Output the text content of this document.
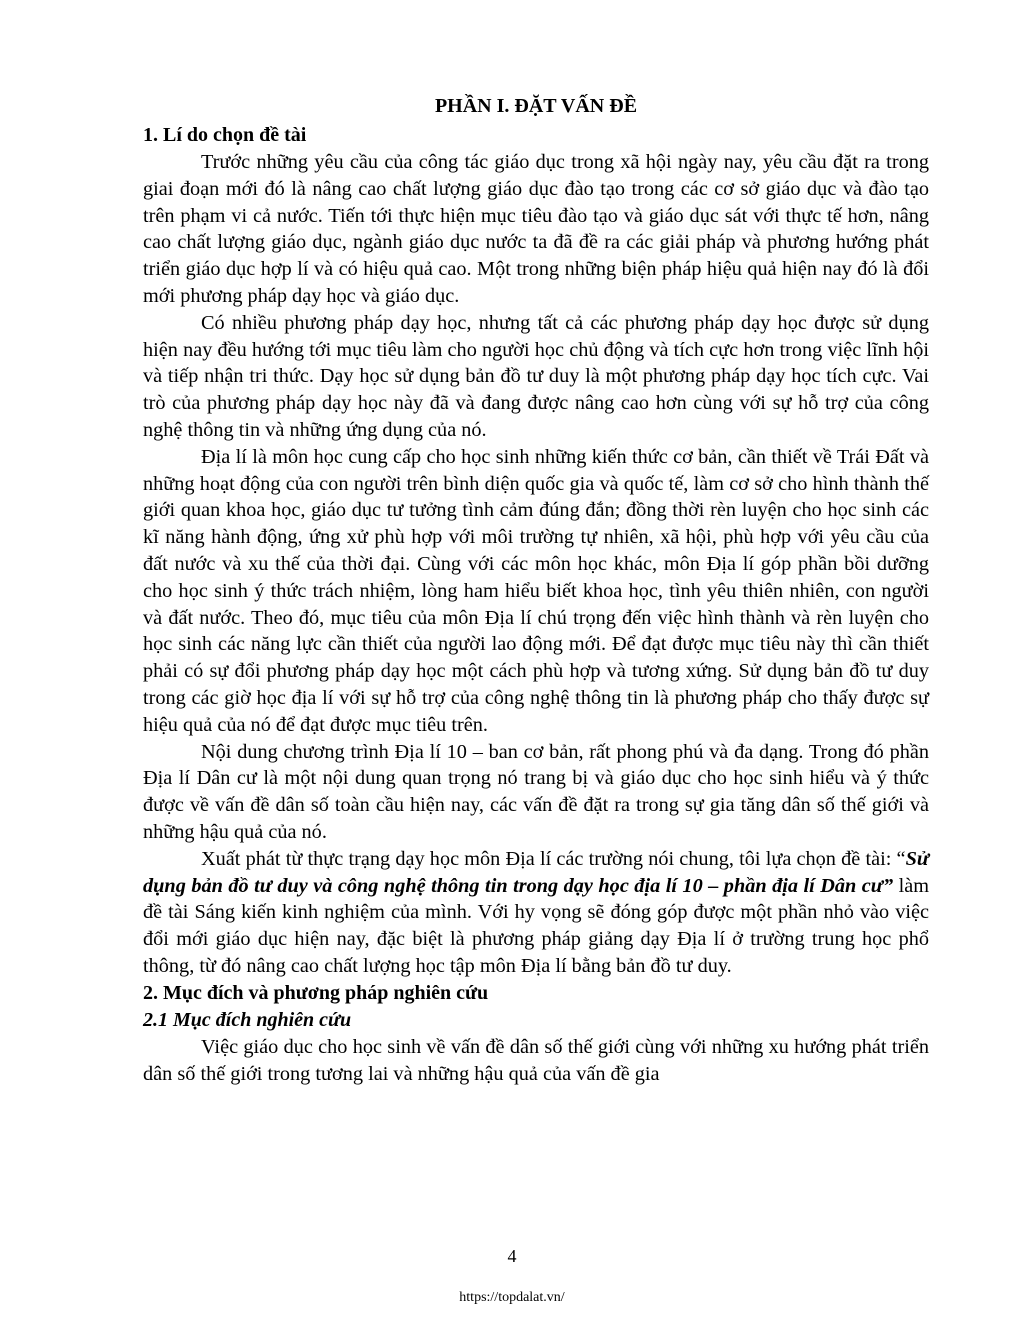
PHẦN I. ĐẶT VẤN ĐỀ
1. Lí do chọn đề tài

Trước những yêu cầu của công tác giáo dục trong xã hội ngày nay, yêu cầu đặt ra trong giai đoạn mới đó là nâng cao chất lượng giáo dục đào tạo trong các cơ sở giáo dục và đào tạo trên phạm vi cả nước. Tiến tới thực hiện mục tiêu đào tạo và giáo dục sát với thực tế hơn, nâng cao chất lượng giáo dục, ngành giáo dục nước ta đã đề ra các giải pháp và phương hướng phát triển giáo dục hợp lí và có hiệu quả cao. Một trong những biện pháp hiệu quả hiện nay đó là đổi mới phương pháp dạy học và giáo dục.

Có nhiều phương pháp dạy học, nhưng tất cả các phương pháp dạy học được sử dụng hiện nay đều hướng tới mục tiêu làm cho người học chủ động và tích cực hơn trong việc lĩnh hội và tiếp nhận tri thức. Dạy học sử dụng bản đồ tư duy là một phương pháp dạy học tích cực. Vai trò của phương pháp dạy học này đã và đang được nâng cao hơn cùng với sự hỗ trợ của công nghệ thông tin và những ứng dụng của nó.

Địa lí là môn học cung cấp cho học sinh những kiến thức cơ bản, cần thiết về Trái Đất và những hoạt động của con người trên bình diện quốc gia và quốc tế, làm cơ sở cho hình thành thế giới quan khoa học, giáo dục tư tưởng tình cảm đúng đắn; đồng thời rèn luyện cho học sinh các kĩ năng hành động, ứng xử phù hợp với môi trường tự nhiên, xã hội, phù hợp với yêu cầu của đất nước và xu thế của thời đại. Cùng với các môn học khác, môn Địa lí góp phần bồi dưỡng cho học sinh ý thức trách nhiệm, lòng ham hiểu biết khoa học, tình yêu thiên nhiên, con người và đất nước. Theo đó, mục tiêu của môn Địa lí chú trọng đến việc hình thành và rèn luyện cho học sinh các năng lực cần thiết của người lao động mới. Để đạt được mục tiêu này thì cần thiết phải có sự đổi phương pháp dạy học một cách phù hợp và tương xứng. Sử dụng bản đồ tư duy trong các giờ học địa lí với sự hỗ trợ của công nghệ thông tin là phương pháp cho thấy được sự hiệu quả của nó để đạt được mục tiêu trên.

Nội dung chương trình Địa lí 10 – ban cơ bản, rất phong phú và đa dạng. Trong đó phần Địa lí Dân cư là một nội dung quan trọng nó trang bị và giáo dục cho học sinh hiểu và ý thức được về vấn đề dân số toàn cầu hiện nay, các vấn đề đặt ra trong sự gia tăng dân số thế giới và những hậu quả của nó.

Xuất phát từ thực trạng dạy học môn Địa lí các trường nói chung, tôi lựa chọn đề tài: “Sử dụng bản đồ tư duy và công nghệ thông tin trong dạy học địa lí 10 – phần địa lí Dân cư” làm đề tài Sáng kiến kinh nghiệm của mình. Với hy vọng sẽ đóng góp được một phần nhỏ vào việc đổi mới giáo dục hiện nay, đặc biệt là phương pháp giảng dạy Địa lí ở trường trung học phổ thông, từ đó nâng cao chất lượng học tập môn Địa lí bằng bản đồ tư duy.

2. Mục đích và phương pháp nghiên cứu
2.1 Mục đích nghiên cứu

Việc giáo dục cho học sinh về vấn đề dân số thế giới cùng với những xu hướng phát triển dân số thế giới trong tương lai và những hậu quả của vấn đề gia

4
https://topdalat.vn/
